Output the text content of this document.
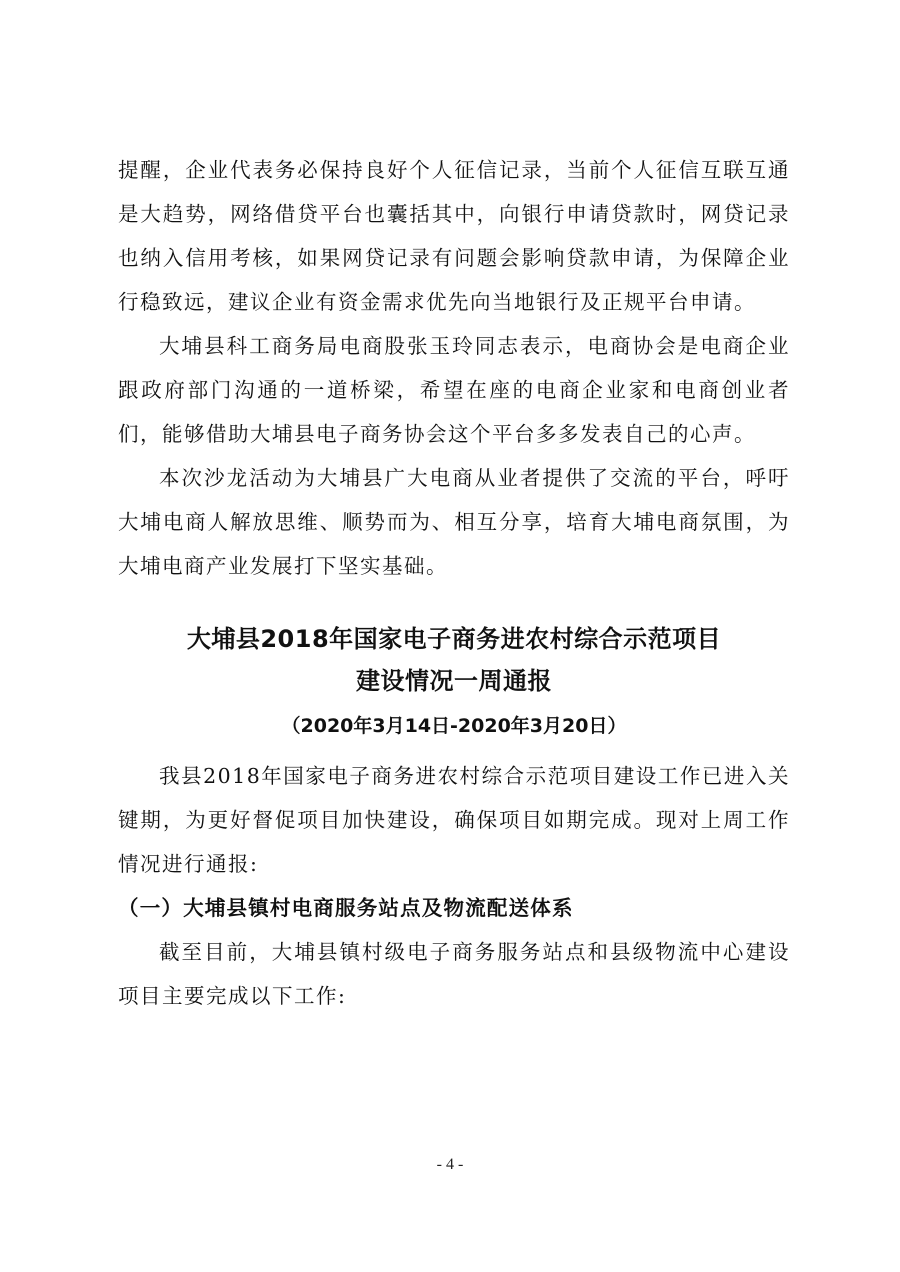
提醒，企业代表务必保持良好个人征信记录，当前个人征信互联互通是大趋势，网络借贷平台也囊括其中，向银行申请贷款时，网贷记录也纳入信用考核，如果网贷记录有问题会影响贷款申请，为保障企业行稳致远，建议企业有资金需求优先向当地银行及正规平台申请。

大埔县科工商务局电商股张玉玲同志表示，电商协会是电商企业跟政府部门沟通的一道桥梁，希望在座的电商企业家和电商创业者们，能够借助大埔县电子商务协会这个平台多多发表自己的心声。

本次沙龙活动为大埔县广大电商从业者提供了交流的平台，呼吁大埔电商人解放思维、顺势而为、相互分享，培育大埔电商氛围，为大埔电商产业发展打下坚实基础。

大埔县2018年国家电子商务进农村综合示范项目

建设情况一周通报

（2020年3月14日-2020年3月20日）

我县2018年国家电子商务进农村综合示范项目建设工作已进入关键期，为更好督促项目加快建设，确保项目如期完成。现对上周工作情况进行通报:

（一）大埔县镇村电商服务站点及物流配送体系

截至目前，大埔县镇村级电子商务服务站点和县级物流中心建设项目主要完成以下工作:

- 4 -
